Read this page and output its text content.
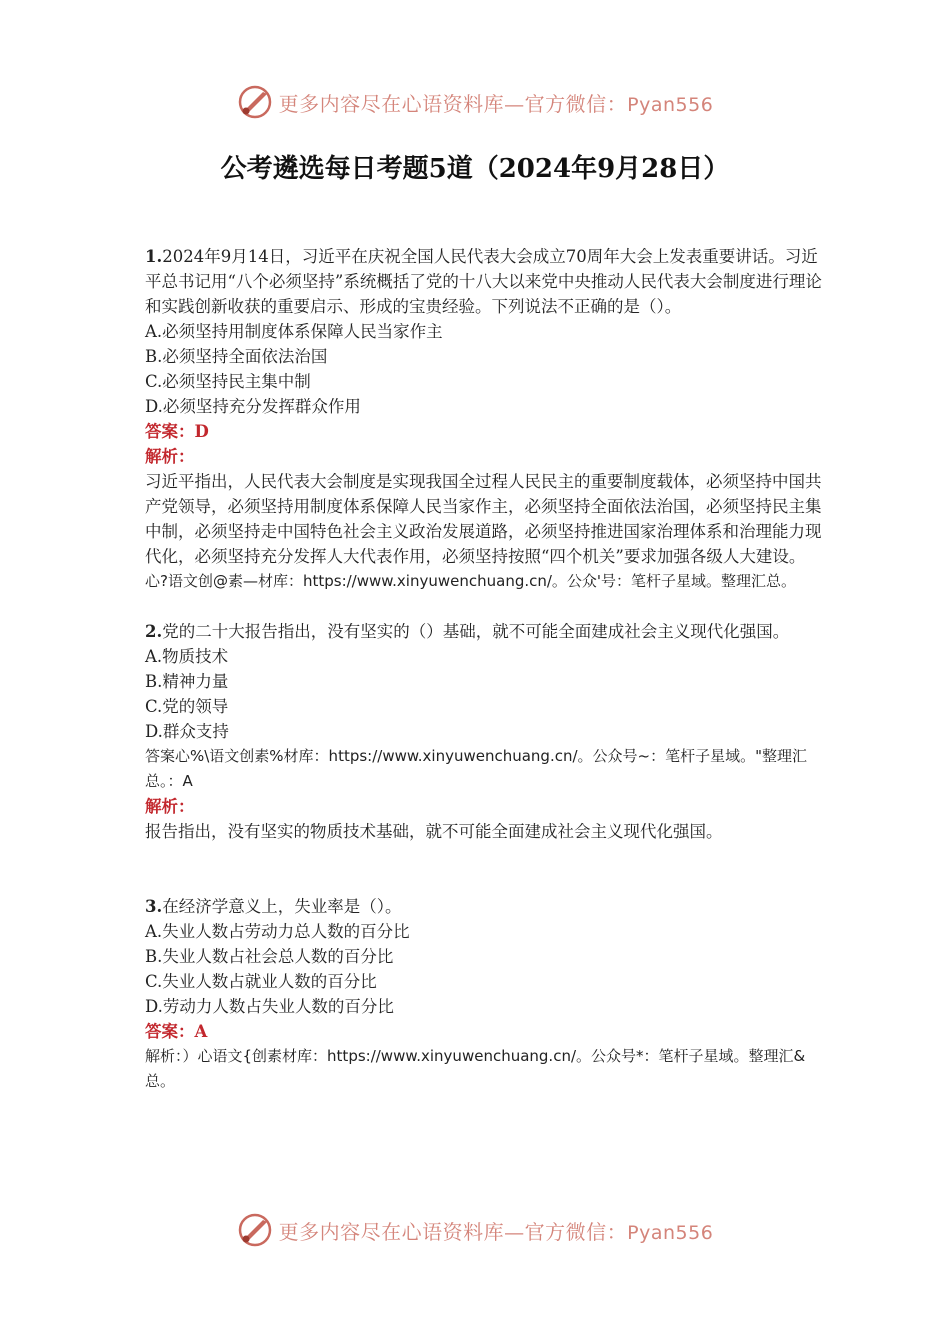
更多内容尽在心语资料库—官方微信：Pyan556
公考遴选每日考题5道（2024年9月28日）

1.2024年9月14日，习近平在庆祝全国人民代表大会成立70周年大会上发表重要讲话。习近平总书记用“八个必须坚持”系统概括了党的十八大以来党中央推动人民代表大会制度进行理论和实践创新收获的重要启示、形成的宝贵经验。下列说法不正确的是（）。

A.必须坚持用制度体系保障人民当家作主

B.必须坚持全面依法治国

C.必须坚持民主集中制

D.必须坚持充分发挥群众作用

答案：D

解析：

习近平指出，人民代表大会制度是实现我国全过程人民民主的重要制度载体，必须坚持中国共产党领导，必须坚持用制度体系保障人民当家作主，必须坚持全面依法治国，必须坚持民主集中制，必须坚持走中国特色社会主义政治发展道路，必须坚持推进国家治理体系和治理能力现代化，必须坚持充分发挥人大代表作用，必须坚持按照“四个机关”要求加强各级人大建设。

心?语文创@素—材库：https://www.xinyuwenchuang.cn/。公众'号：笔杆子星域。整理汇总。

2.党的二十大报告指出，没有坚实的（）基础，就不可能全面建成社会主义现代化强国。

A.物质技术

B.精神力量

C.党的领导

D.群众支持

答案心%\语文创素%材库：https://www.xinyuwenchuang.cn/。公众号~：笔杆子星域。"整理汇总。：A

解析：

报告指出，没有坚实的物质技术基础，就不可能全面建成社会主义现代化强国。

3.在经济学意义上，失业率是（）。

A.失业人数占劳动力总人数的百分比

B.失业人数占社会总人数的百分比

C.失业人数占就业人数的百分比

D.劳动力人数占失业人数的百分比

答案：A

解析：）心语文{创素材库：https://www.xinyuwenchuang.cn/。公众号*：笔杆子星域。整理汇&总。

更多内容尽在心语资料库—官方微信：Pyan556
